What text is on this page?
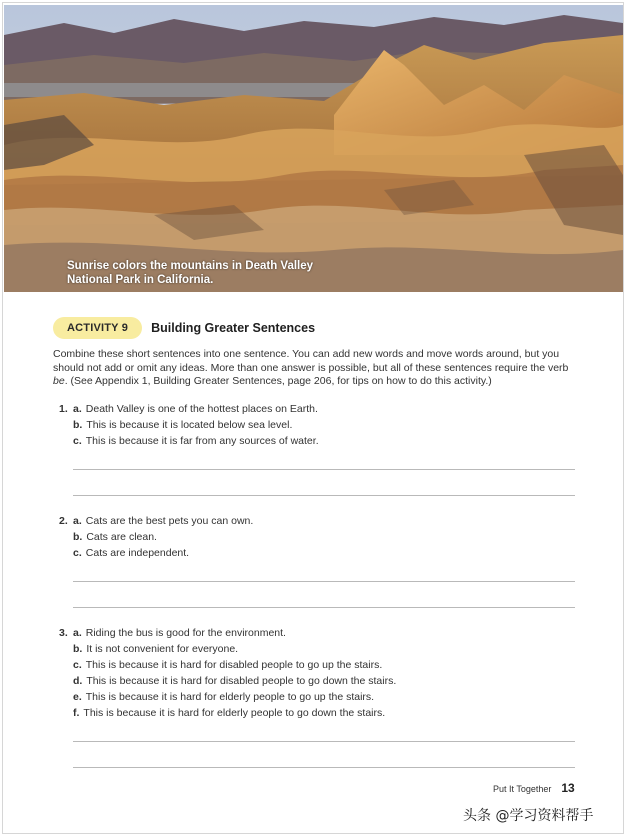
Sunrise colors the mountains in Death Valley
National Park in California.
ACTIVITY 9	Building Greater Sentences
Combine these short sentences into one sentence. You can add new words and move words around, but you should not add or omit any ideas. More than one answer is possible, but all of these sentences require the verb be. (See Appendix 1, Building Greater Sentences, page 206, for tips on how to do this activity.)
1. a. Death Valley is one of the hottest places on Earth.
b. This is because it is located below sea level.
c. This is because it is far from any sources of water.
2. a. Cats are the best pets you can own.
b. Cats are clean.
c. Cats are independent.
3. a. Riding the bus is good for the environment.
b. It is not convenient for everyone.
c. This is because it is hard for disabled people to go up the stairs.
d. This is because it is hard for disabled people to go down the stairs.
e. This is because it is hard for elderly people to go up the stairs.
f. This is because it is hard for elderly people to go down the stairs.
Put It Together 13
头条 @学习资料帮手
